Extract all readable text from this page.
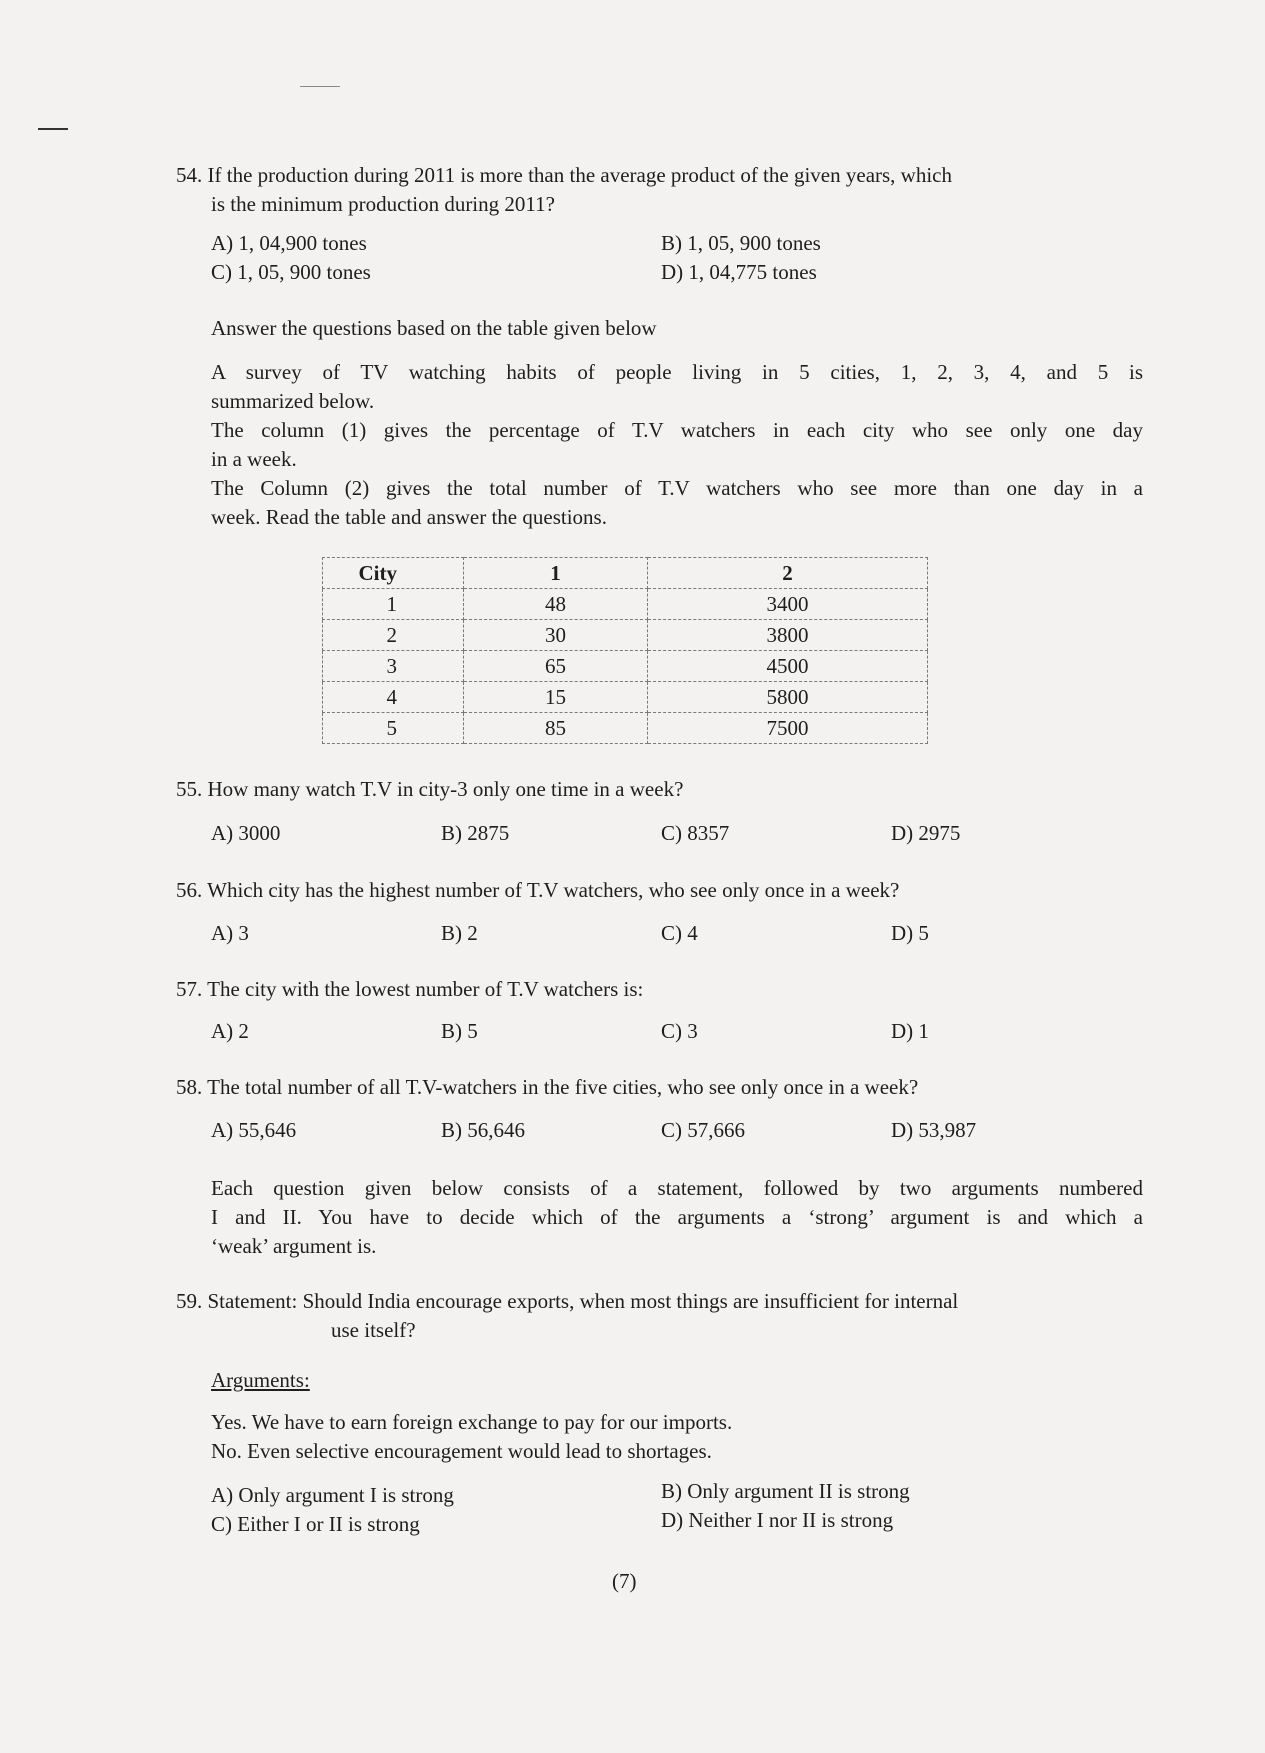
54. If the production during 2011 is more than the average product of the given years, which
is the minimum production during 2011?
A) 1, 04,900 tones	B) 1, 05, 900 tones
C) 1, 05, 900 tones	D) 1, 04,775 tones
Answer the questions based on the table given below
A survey of TV watching habits of people living in 5 cities, 1, 2, 3, 4, and 5 is
summarized below.
The column (1) gives the percentage of T.V watchers in each city who see only one day
in a week.
The Column (2) gives the total number of T.V watchers who see more than one day in a
week. Read the table and answer the questions.
City	1	2
1	48	3400
2	30	3800
3	65	4500
4	15	5800
5	85	7500
55. How many watch T.V in city-3 only one time in a week?
A) 3000	B) 2875	C) 8357	D) 2975
56. Which city has the highest number of T.V watchers, who see only once in a week?
A) 3	B) 2	C) 4	D) 5
57. The city with the lowest number of T.V watchers is:
A) 2	B) 5	C) 3	D) 1
58. The total number of all T.V-watchers in the five cities, who see only once in a week?
A) 55,646	B) 56,646	C) 57,666	D) 53,987
Each question given below consists of a statement, followed by two arguments numbered
I and II. You have to decide which of the arguments a ‘strong’ argument is and which a
‘weak’ argument is.
59. Statement: Should India encourage exports, when most things are insufficient for internal
use itself?
Arguments:
Yes. We have to earn foreign exchange to pay for our imports.
No. Even selective encouragement would lead to shortages.
A) Only argument I is strong	B) Only argument II is strong
C) Either I or II is strong	D) Neither I nor II is strong
(7)
